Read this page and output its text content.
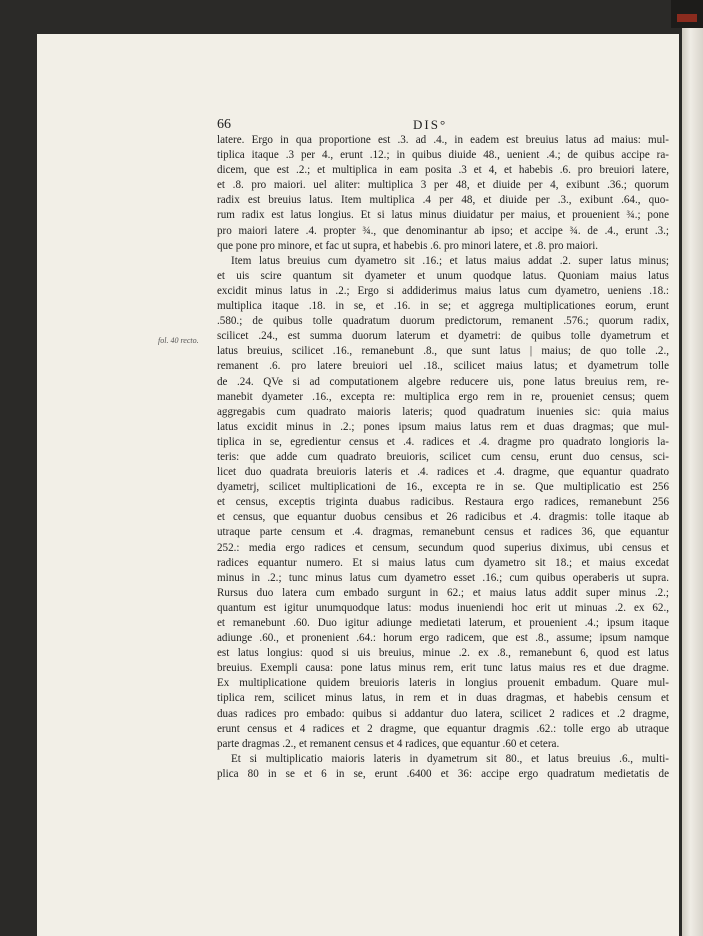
66	DIS°
fol. 40 recto.
latere. Ergo in qua proportione est .3. ad .4., in eadem est breuius latus ad maius: mul-
tiplica itaque .3 per 4., erunt .12.; in quibus diuide 48., uenient .4.; de quibus accipe ra-
dicem, que est .2.; et multiplica in eam posita .3 et 4, et habebis .6. pro breuiori latere,
et .8. pro maiori. uel aliter: multiplica 3 per 48, et diuide per 4, exibunt .36.; quorum
radix est breuius latus. Item multiplica .4 per 48, et diuide per .3., exibunt .64., quo-
rum radix est latus longius. Et si latus minus diuidatur per maius, et prouenient ¾.; pone
pro maiori latere .4. propter ¾., que denominantur ab ipso; et accipe ¾. de .4., erunt .3.;
que pone pro minore, et fac ut supra, et habebis .6. pro minori latere, et .8. pro maiori.
Item latus breuius cum dyametro sit .16.; et latus maius addat .2. super latus minus;
et uis scire quantum sit dyameter et unum quodque latus. Quoniam maius latus
excidit minus latus in .2.; Ergo si addiderimus maius latus cum dyametro, ueniens .18.:
multiplica itaque .18. in se, et .16. in se; et aggrega multiplicationes eorum, erunt
.580.; de quibus tolle quadratum duorum predictorum, remanent .576.; quorum radix,
scilicet .24., est summa duorum laterum et dyametri: de quibus tolle dyametrum et
latus breuius, scilicet .16., remanebunt .8., que sunt latus | maius; de quo tolle .2.,
remanent .6. pro latere breuiori uel .18., scilicet maius latus; et dyametrum tolle
de .24. QVe si ad computationem algebre reducere uis, pone latus breuius rem, re-
manebit dyameter .16., excepta re: multiplica ergo rem in re, proueniet census; quem
aggregabis cum quadrato maioris lateris; quod quadratum inuenies sic: quia maius
latus excidit minus in .2.; pones ipsum maius latus rem et duas dragmas; que mul-
tiplica in se, egredientur census et .4. radices et .4. dragme pro quadrato longioris la-
teris: que adde cum quadrato breuioris, scilicet cum censu, erunt duo census, sci-
licet duo quadrata breuioris lateris et .4. radices et .4. dragme, que equantur quadrato
dyametrj, scilicet multiplicationi de 16., excepta re in se. Que multiplicatio est 256
et census, exceptis triginta duabus radicibus. Restaura ergo radices, remanebunt 256
et census, que equantur duobus censibus et 26 radicibus et .4. dragmis: tolle itaque ab
utraque parte censum et .4. dragmas, remanebunt census et radices 36, que equantur
252.: media ergo radices et censum, secundum quod superius diximus, ubi census et
radices equantur numero. Et si maius latus cum dyametro sit 18.; et maius excedat
minus in .2.; tunc minus latus cum dyametro esset .16.; cum quibus operaberis ut supra.
Rursus duo latera cum embado surgunt in 62.; et maius latus addit super minus .2.;
quantum est igitur unumquodque latus: modus inueniendi hoc erit ut minuas .2. ex 62.,
et remanebunt .60. Duo igitur adiunge medietati laterum, et prouenient .4.; ipsum itaque
adiunge .60., et pronenient .64.: horum ergo radicem, que est .8., assume; ipsum namque
est latus longius: quod si uis breuius, minue .2. ex .8., remanebunt 6, quod est latus
breuius. Exempli causa: pone latus minus rem, erit tunc latus maius res et due dragme.
Ex multiplicatione quidem breuioris lateris in longius prouenit embadum. Quare mul-
tiplica rem, scilicet minus latus, in rem et in duas dragmas, et habebis censum et
duas radices pro embado: quibus si addantur duo latera, scilicet 2 radices et .2 dragme,
erunt census et 4 radices et 2 dragme, que equantur dragmis .62.: tolle ergo ab utraque
parte dragmas .2., et remanent census et 4 radices, que equantur .60 et cetera.
Et si multiplicatio maioris lateris in dyametrum sit 80., et latus breuius .6., multi-
plica 80 in se et 6 in se, erunt .6400 et 36: accipe ergo quadratum medietatis de
